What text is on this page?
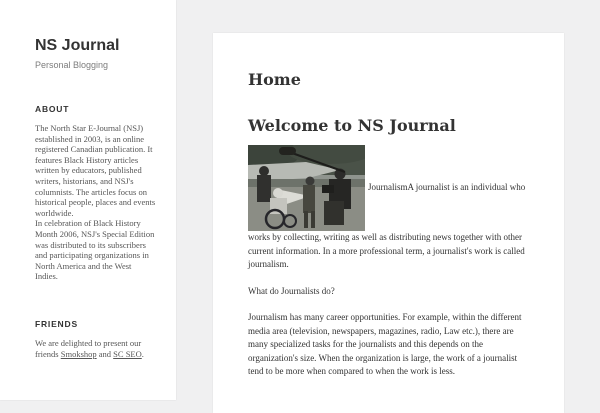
NS Journal
Personal Blogging
ABOUT
The North Star E-Journal (NSJ) established in 2003, is an online registered Canadian publication. It features Black History articles written by educators, published writers, historians, and NSJ's columnists. The articles focus on historical people, places and events worldwide.
In celebration of Black History Month 2006, NSJ's Special Edition was distributed to its subscribers and participating organizations in North America and the West Indies.
FRIENDS
We are delighted to present our friends Smokshop and SC SEO.
Home
Welcome to NS Journal

JournalismA journalist is an individual who works by collecting, writing as well as distributing news together with other current information. In a more professional term, a journalist's work is called journalism.

What do Journalists do?

Journalism has many career opportunities. For example, within the different media area (television, newspapers, magazines, radio, Law etc.), there are many specialized tasks for the journalists and this depends on the organization's size. When the organization is large, the work of a journalist tend to be more when compared to when the work is less.
